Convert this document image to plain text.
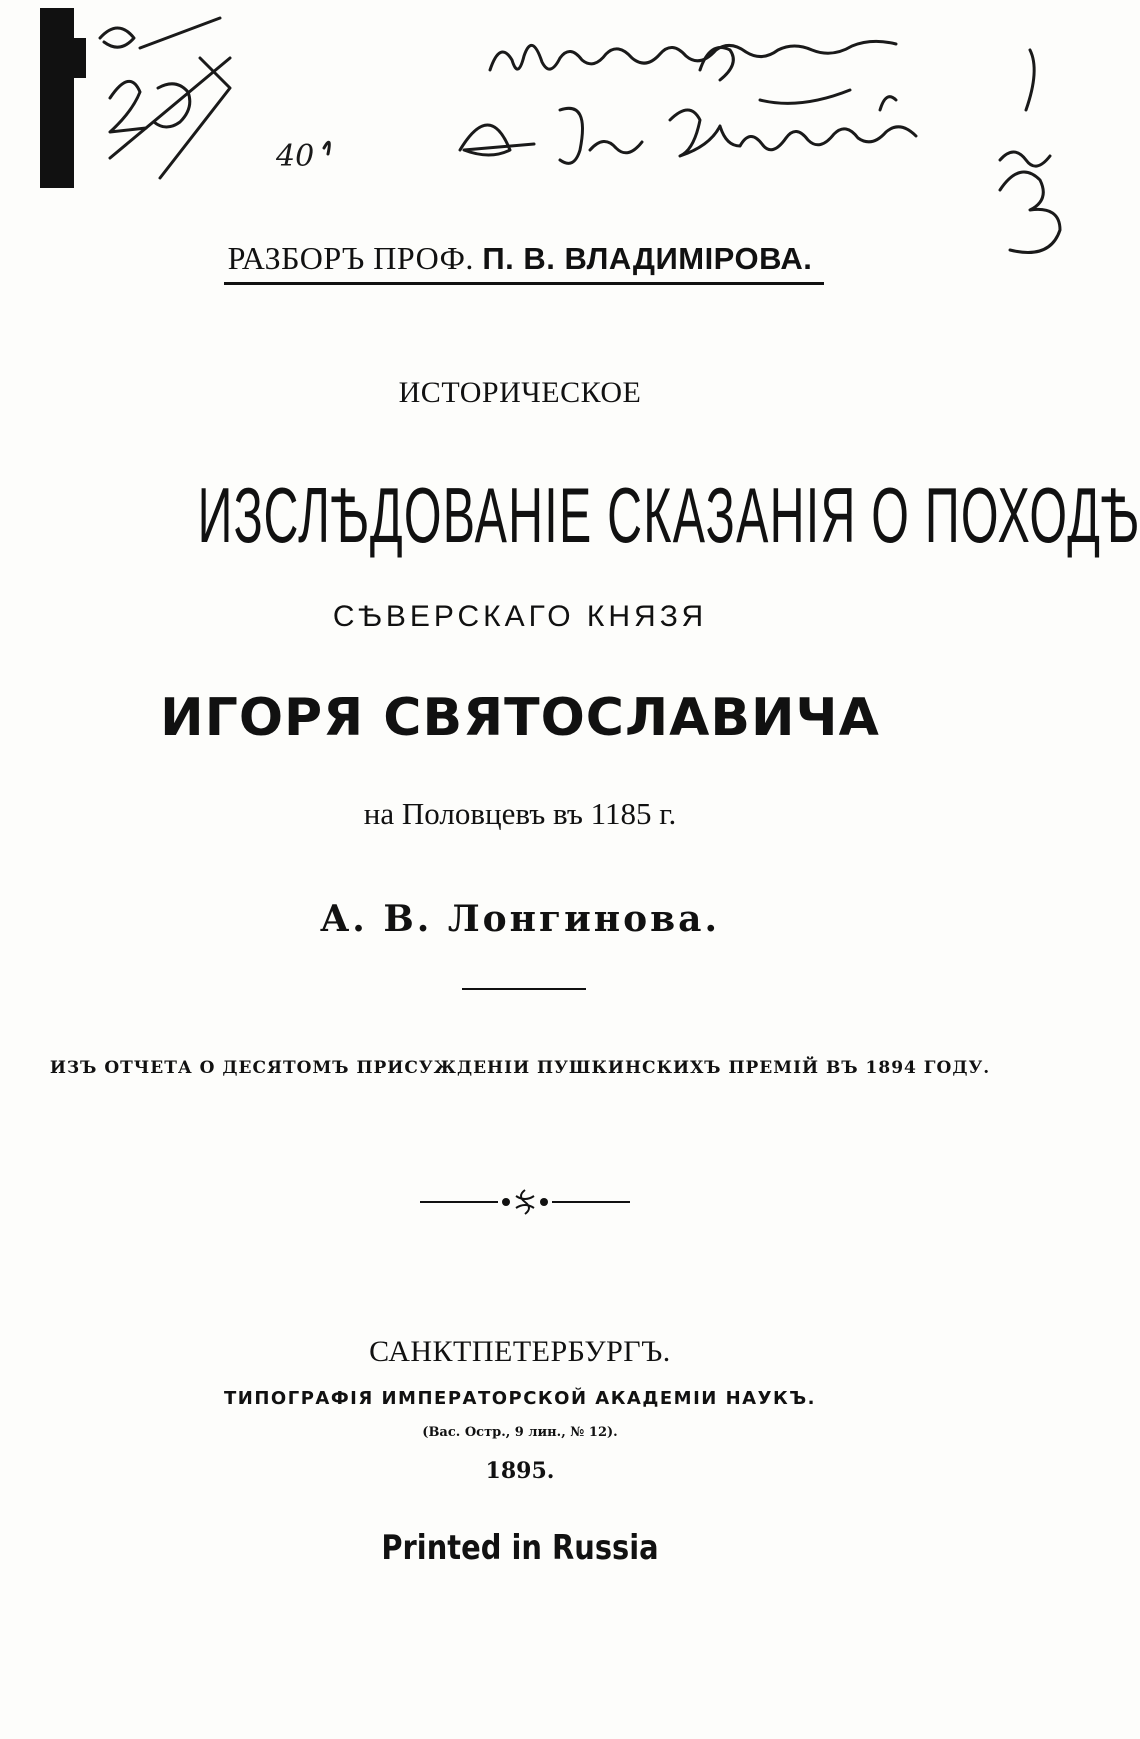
40
РАЗБОРЪ ПРОФ. П. В. ВЛАДИМІРОВА.
ИСТОРИЧЕСКОЕ
ИЗСЛѢДОВАНІЕ СКАЗАНІЯ О ПОХОДѢ
СѢВЕРСКАГО КНЯЗЯ
ИГОРЯ СВЯТОСЛАВИЧА
на Половцевъ въ 1185 г.
А. В. Лонгинова.
ИЗЪ ОТЧЕТА О ДЕСЯТОМЪ ПРИСУЖДЕНІИ ПУШКИНСКИХЪ ПРЕМІЙ ВЪ 1894 ГОДУ.
САНКТПЕТЕРБУРГЪ.
ТИПОГРАФІЯ ИМПЕРАТОРСКОЙ АКАДЕМІИ НАУКЪ.
(Вас. Остр., 9 лин., № 12).
1895.
Printed in Russia
